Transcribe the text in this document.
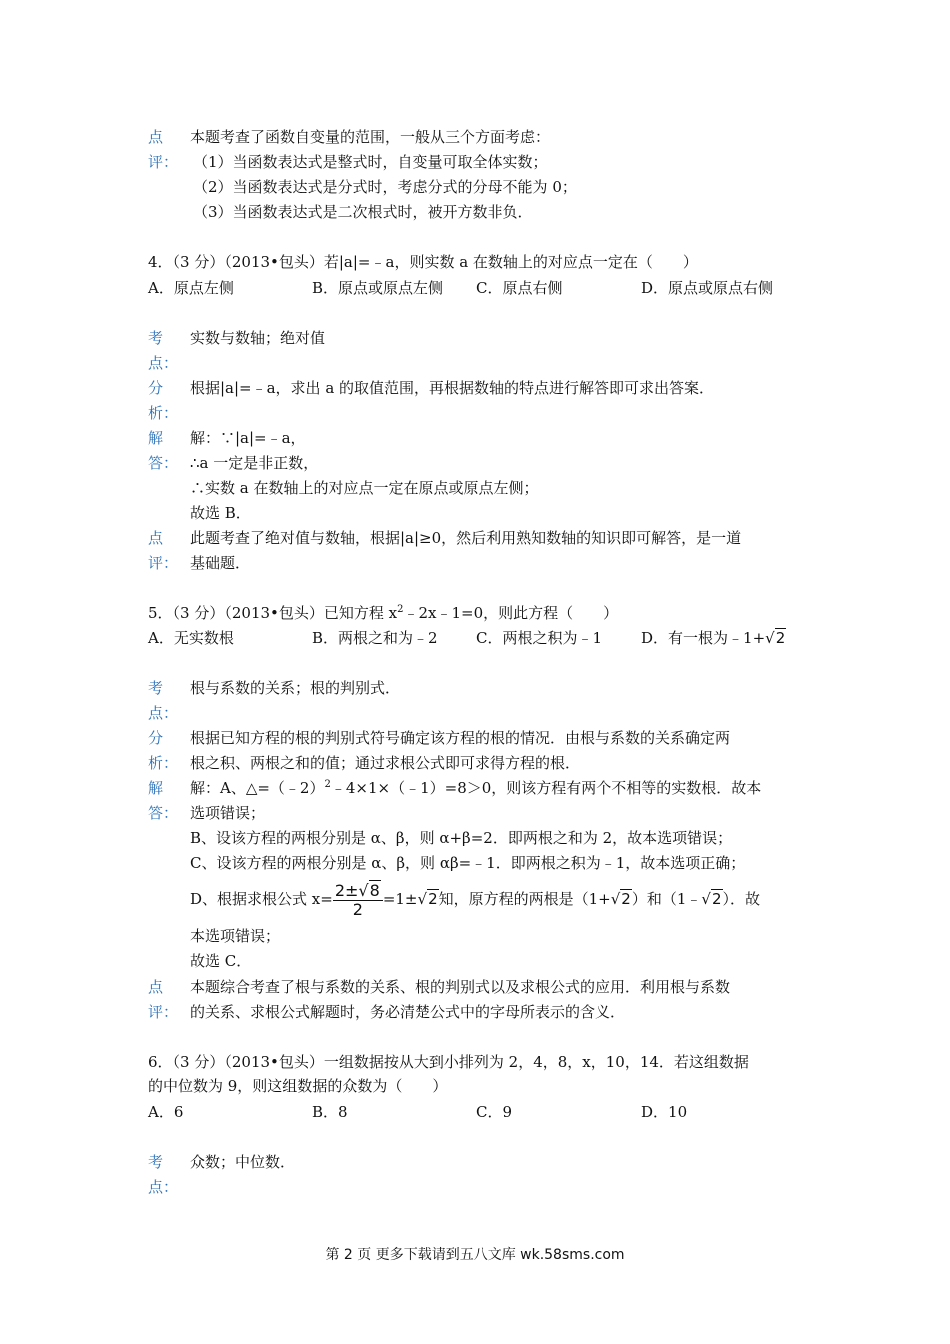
点
评：
本题考查了函数自变量的范围，一般从三个方面考虑：
（1）当函数表达式是整式时，自变量可取全体实数；
（2）当函数表达式是分式时，考虑分式的分母不能为 0；
（3）当函数表达式是二次根式时，被开方数非负．
4．（3 分）（2013•包头）若|a|=﹣a，则实数 a 在数轴上的对应点一定在（　　）
A．原点左侧	B．原点或原点左侧 C．原点右侧	D．原点或原点右侧
考
点：
实数与数轴；绝对值
分
析：
根据|a|=﹣a，求出 a 的取值范围，再根据数轴的特点进行解答即可求出答案．
解
答：
解：∵|a|=﹣a，
∴a 一定是非正数，
∴实数 a 在数轴上的对应点一定在原点或原点左侧；
故选 B．
点
评：
此题考查了绝对值与数轴，根据|a|≥0，然后利用熟知数轴的知识即可解答，是一道
基础题．
5．（3 分）（2013•包头）已知方程 $x^2﹣2x﹣1=0$，则此方程（　　）
A．无实数根	B．两根之和为﹣2	C．两根之积为﹣1	D．有一根为﹣1+√2
考
点：
根与系数的关系；根的判别式．
分
析：
根据已知方程的根的判别式符号确定该方程的根的情况．由根与系数的关系确定两
根之积、两根之和的值；通过求根公式即可求得方程的根．
解
答：
解：A、△=（﹣2）$^2$﹣4×1×（﹣1）=8＞0，则该方程有两个不相等的实数根．故本
选项错误；
B、设该方程的两根分别是 α、β，则 α+β=2．即两根之和为 2，故本选项错误；
C、设该方程的两根分别是 α、β，则 αβ=﹣1．即两根之积为﹣1，故本选项正确；
D、根据求根公式 $x= \frac{2\pm√8}{2} =1\pm√2$知，原方程的两根是（1+√2）和（1﹣√2）．故
本选项错误；
故选 C．
点
评：
本题综合考查了根与系数的关系、根的判别式以及求根公式的应用．利用根与系数
的关系、求根公式解题时，务必清楚公式中的字母所表示的含义．
6．（3 分）（2013•包头）一组数据按从大到小排列为 2，4，8，x，10，14．若这组数据
的中位数为 9，则这组数据的众数为（　　）
A．6	B．8	C．9	D．10
考
点：
众数；中位数．
第 2 页 更多下载请到五八文库 wk.58sms.com
